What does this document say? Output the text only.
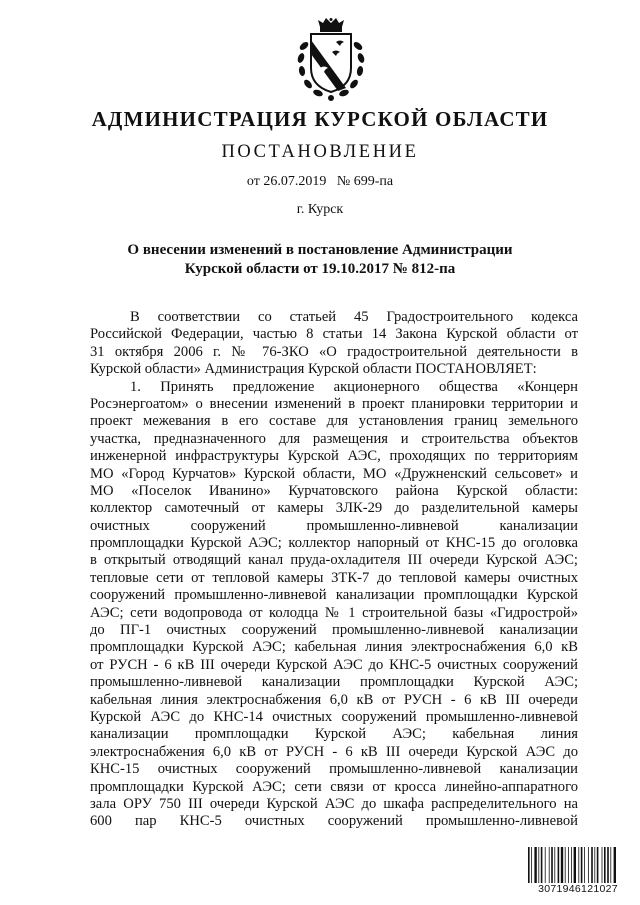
АДМИНИСТРАЦИЯ КУРСКОЙ ОБЛАСТИ
ПОСТАНОВЛЕНИЕ
от 26.07.2019   № 699-па
г. Курск
О внесении изменений в постановление Администрации
Курской области от 19.10.2017 № 812-па
В соответствии со статьей 45 Градостроительного кодекса
Российской Федерации, частью 8 статьи 14 Закона Курской области от
31 октября 2006 г. № 76-ЗКО «О градостроительной деятельности в
Курской области» Администрация Курской области ПОСТАНОВЛЯЕТ:
1. Принять предложение акционерного общества «Концерн
Росэнергоатом» о внесении изменений в проект планировки территории и
проект межевания в его составе для установления границ земельного
участка, предназначенного для размещения и строительства объектов
инженерной инфраструктуры Курской АЭС, проходящих по территориям
МО «Город Курчатов» Курской области, МО «Дружненский сельсовет» и
МО «Поселок Иванино» Курчатовского района Курской области:
коллектор самотечный от камеры 3ЛК-29 до разделительной камеры
очистных сооружений промышленно-ливневой канализации
промплощадки Курской АЭС; коллектор напорный от КНС-15 до оголовка
в открытый отводящий канал пруда-охладителя III очереди Курской АЭС;
тепловые сети от тепловой камеры 3ТК-7 до тепловой камеры очистных
сооружений промышленно-ливневой канализации промплощадки Курской
АЭС; сети водопровода от колодца № 1 строительной базы «Гидрострой»
до ПГ-1 очистных сооружений промышленно-ливневой канализации
промплощадки Курской АЭС; кабельная линия электроснабжения 6,0 кВ
от РУСН - 6 кВ III очереди Курской АЭС до КНС-5 очистных сооружений
промышленно-ливневой канализации промплощадки Курской АЭС;
кабельная линия электроснабжения 6,0 кВ от РУСН - 6 кВ III очереди
Курской АЭС до КНС-14 очистных сооружений промышленно-ливневой
канализации промплощадки Курской АЭС; кабельная линия
электроснабжения 6,0 кВ от РУСН - 6 кВ III очереди Курской АЭС до
КНС-15 очистных сооружений промышленно-ливневой канализации
промплощадки Курской АЭС; сети связи от кросса линейно-аппаратного
зала ОРУ 750 III очереди Курской АЭС до шкафа распределительного на
600 пар КНС-5 очистных сооружений промышленно-ливневой
3071946121027
